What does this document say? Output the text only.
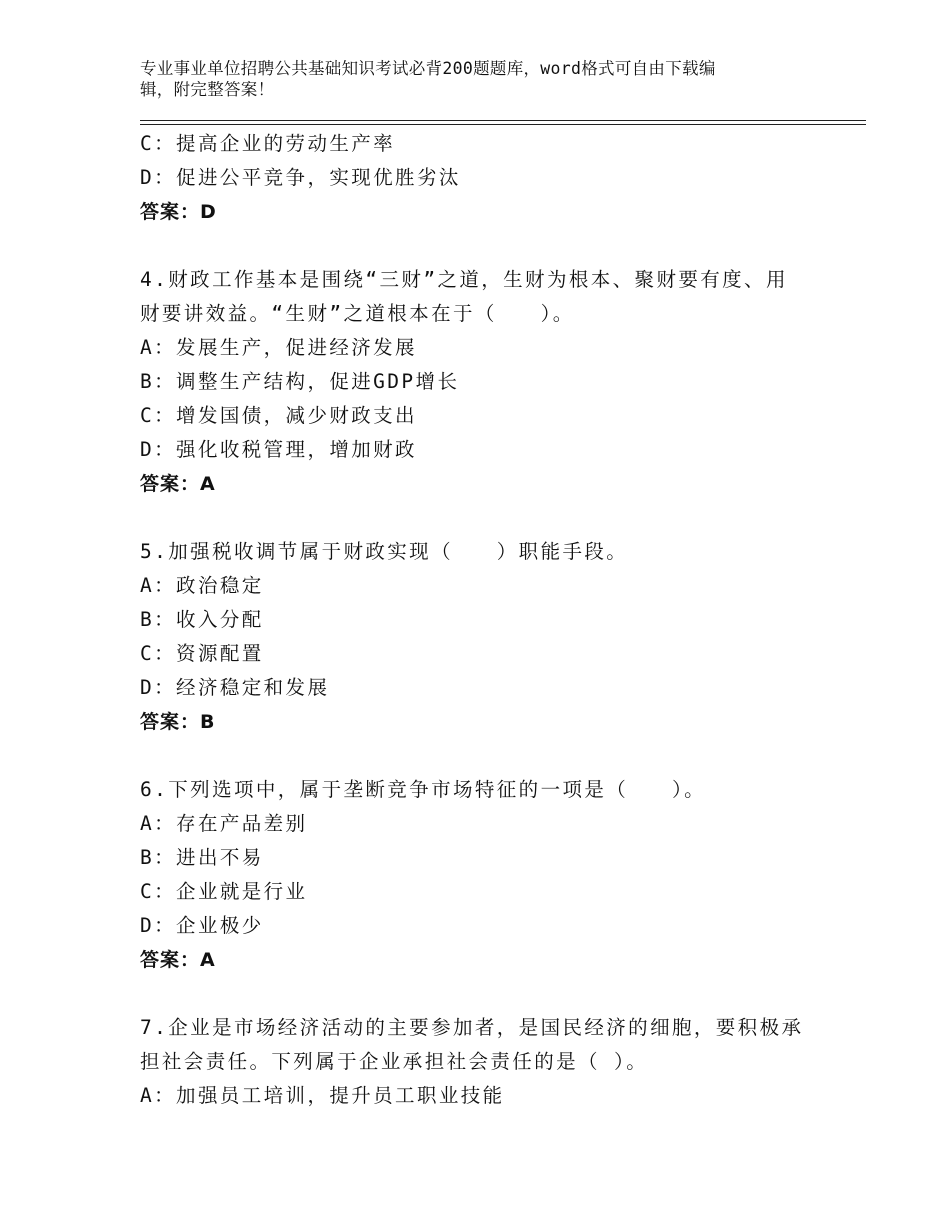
专业事业单位招聘公共基础知识考试必背200题题库，word格式可自由下载编
辑，附完整答案！
C：提高企业的劳动生产率
D：促进公平竞争，实现优胜劣汰
答案：D
4.财政工作基本是围绕“三财”之道，生财为根本、聚财要有度、用
财要讲效益。“生财”之道根本在于（　　）。
A：发展生产，促进经济发展
B：调整生产结构，促进GDP增长
C：增发国债，减少财政支出
D：强化收税管理，增加财政
答案：A
5.加强税收调节属于财政实现（　　）职能手段。
A：政治稳定
B：收入分配
C：资源配置
D：经济稳定和发展
答案：B
6.下列选项中，属于垄断竞争市场特征的一项是（　　）。
A：存在产品差别
B：进出不易
C：企业就是行业
D：企业极少
答案：A
7.企业是市场经济活动的主要参加者，是国民经济的细胞，要积极承
担社会责任。下列属于企业承担社会责任的是（ ）。
A：加强员工培训，提升员工职业技能
